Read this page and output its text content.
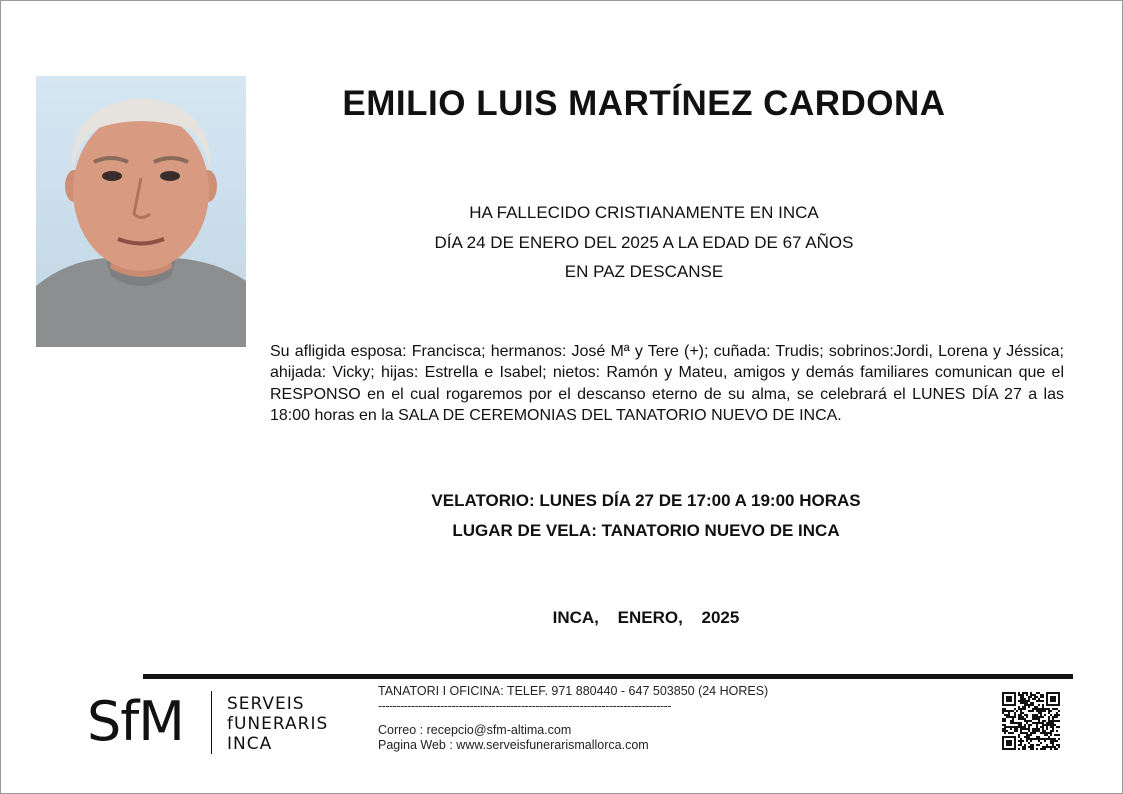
EMILIO LUIS MARTÍNEZ CARDONA
HA FALLECIDO CRISTIANAMENTE EN INCA
DÍA 24 DE ENERO DEL 2025 A LA EDAD DE 67 AÑOS
EN PAZ DESCANSE
Su afligida esposa: Francisca; hermanos: José Mª y Tere (+); cuñada: Trudis; sobrinos:Jordi, Lorena y Jéssica; ahijada: Vicky; hijas: Estrella e Isabel; nietos: Ramón y Mateu, amigos y demás familiares comunican que el RESPONSO en el cual rogaremos por el descanso eterno de su alma, se celebrará el LUNES DÍA 27 a las 18:00 horas en la SALA DE CEREMONIAS DEL TANATORIO NUEVO DE INCA.
VELATORIO: LUNES DÍA 27 DE 17:00 A 19:00 HORAS
LUGAR DE VELA: TANATORIO NUEVO DE INCA
INCA, ENERO, 2025
SfM	SERVEIS
fUNERARIS
INCA
TANATORI I OFICINA: TELEF. 971 880440 - 647 503850 (24 HORES)
--------------------------------------------------------------------------------
Correo : recepcio@sfm-altima.com
Pagina Web : www.serveisfunerarismallorca.com
